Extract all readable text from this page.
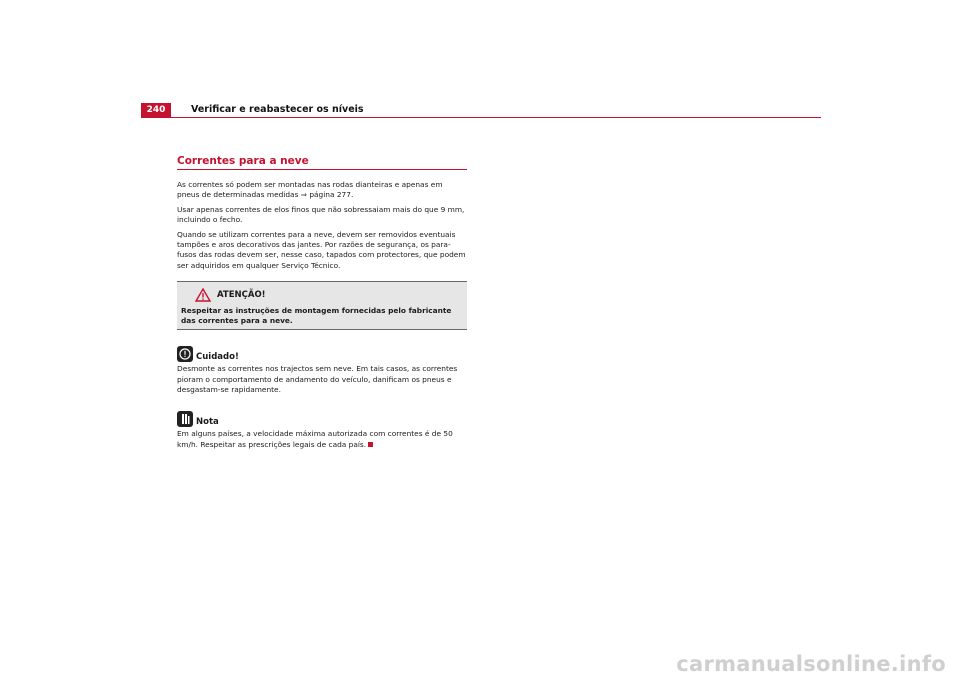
240	Verificar e reabastecer os níveis
Correntes para a neve

As correntes só podem ser montadas nas rodas dianteiras e apenas em pneus de determinadas medidas ⇒ página 277.

Usar apenas correntes de elos finos que não sobressaiam mais do que 9 mm, incluindo o fecho.

Quando se utilizam correntes para a neve, devem ser removidos eventuais tampões e aros decorativos das jantes. Por razões de segurança, os para-fusos das rodas devem ser, nesse caso, tapados com protectores, que podem ser adquiridos em qualquer Serviço Técnico.

ATENÇÃO!
Respeitar as instruções de montagem fornecidas pelo fabricante das correntes para a neve.
Cuidado!

Desmonte as correntes nos trajectos sem neve. Em tais casos, as correntes pioram o comportamento de andamento do veículo, danificam os pneus e desgastam-se rapidamente.

Nota

Em alguns países, a velocidade máxima autorizada com correntes é de 50 km/h. Respeitar as prescrições legais de cada país.

carmanualsonline.info
